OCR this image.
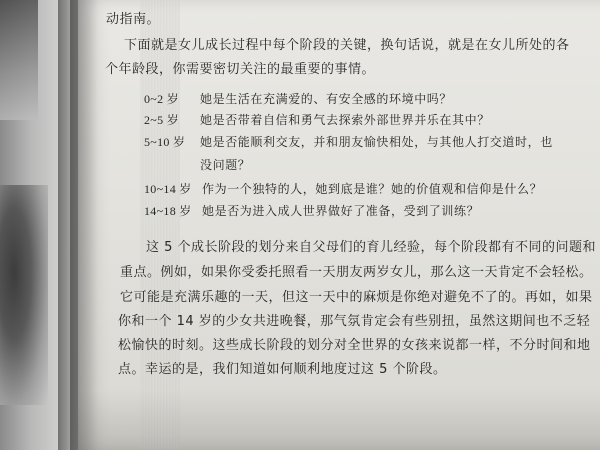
动指南。
下面就是女儿成长过程中每个阶段的关键，换句话说，就是在女儿所处的各
个年龄段，你需要密切关注的最重要的事情。
0~2 岁 她是生活在充满爱的、有安全感的环境中吗？
2~5 岁 她是否带着自信和勇气去探索外部世界并乐在其中？
5~10 岁 她是否能顺利交友，并和朋友愉快相处，与其他人打交道时，也
没问题？
10~14 岁 作为一个独特的人，她到底是谁？她的价值观和信仰是什么？
14~18 岁 她是否为进入成人世界做好了准备，受到了训练？
这 5 个成长阶段的划分来自父母们的育儿经验，每个阶段都有不同的问题和
重点。例如，如果你受委托照看一天朋友两岁女儿，那么这一天肯定不会轻松。
它可能是充满乐趣的一天，但这一天中的麻烦是你绝对避免不了的。再如，如果
你和一个 14 岁的少女共进晚餐，那气氛肯定会有些别扭，虽然这期间也不乏轻
松愉快的时刻。这些成长阶段的划分对全世界的女孩来说都一样，不分时间和地
点。幸运的是，我们知道如何顺利地度过这 5 个阶段。
